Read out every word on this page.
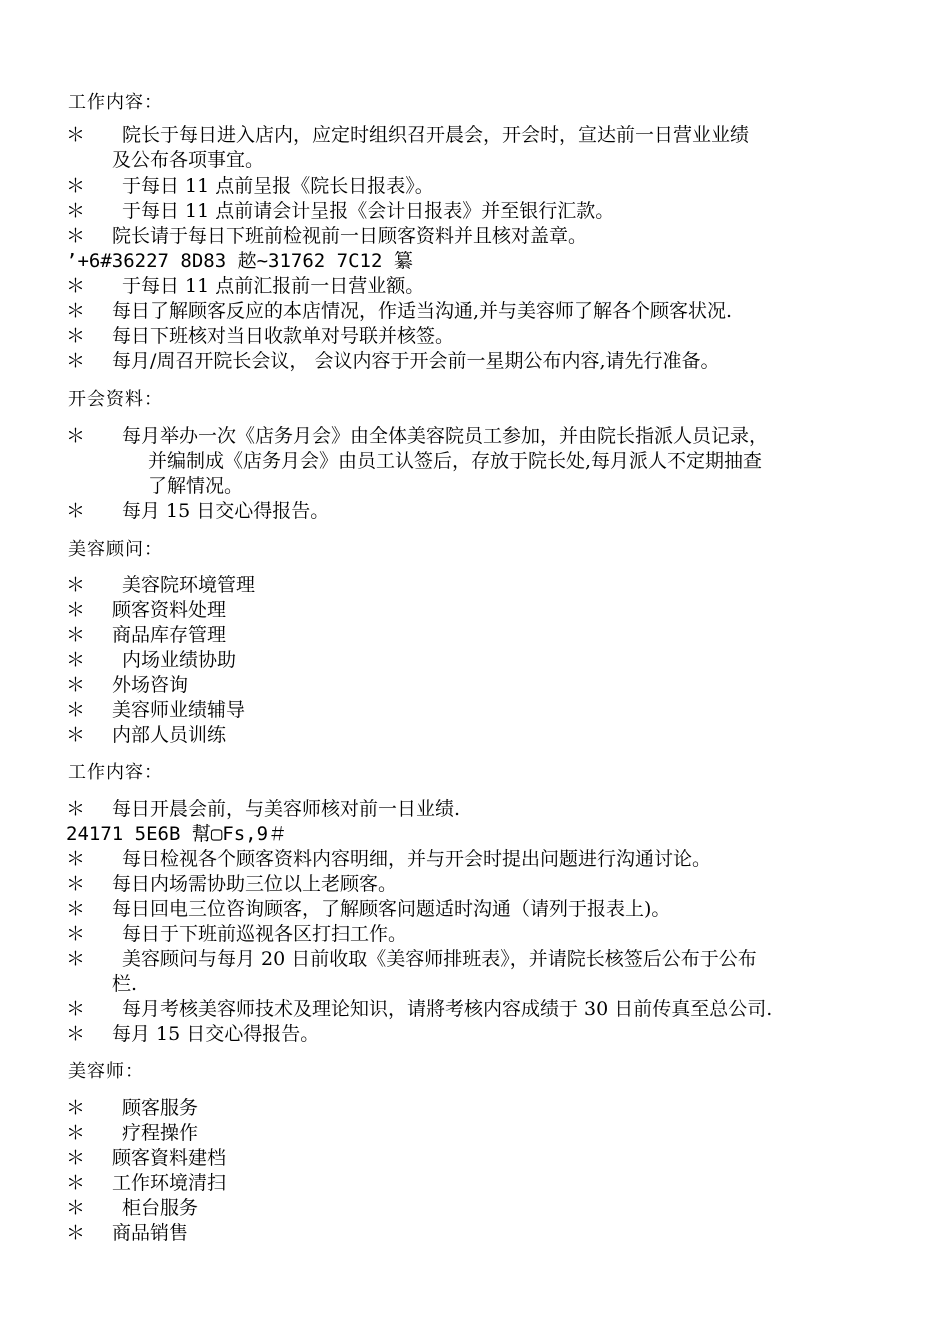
工作内容：
＊ 院长于每日进入店内，应定时组织召开晨会，开会时，宣达前一日营业业绩
及公布各项事宜。
＊ 于每日 11 点前呈报《院长日报表》。
＊ 于每日 11 点前请会计呈报《会计日报表》并至银行汇款。
＊ 院长请于每日下班前检视前一日顾客资料并且核对盖章。
’+6#36227 8D83 趑~31762 7C12 纂
＊ 于每日 11 点前汇报前一日营业额。
＊ 每日了解顾客反应的本店情况，作适当沟通,并与美容师了解各个顾客状况.
＊ 每日下班核对当日收款单对号联并核签。
＊ 每月/周召开院长会议， 会议内容于开会前一星期公布内容,请先行准备。
开会资料：
＊ 每月举办一次《店务月会》由全体美容院员工参加，并由院长指派人员记录，
并编制成《店务月会》由员工认签后，存放于院长处,每月派人不定期抽查
了解情况。
＊ 每月 15 日交心得报告。
美容顾问：
＊ 美容院环境管理
＊ 顾客资料处理
＊ 商品库存管理
＊ 内场业绩协助
＊ 外场咨询
＊ 美容师业绩辅导
＊ 内部人员训练
工作内容：
＊ 每日开晨会前，与美容师核对前一日业绩.
24171 5E6B 幫▢Fs,9＃
＊ 每日检视各个顾客资料内容明细，并与开会时提出问题进行沟通讨论。
＊ 每日内场需协助三位以上老顾客。
＊ 每日回电三位咨询顾客，了解顾客问题适时沟通（请列于报表上)。
＊ 每日于下班前巡视各区打扫工作。
＊ 美容顾问与每月 20 日前收取《美容师排班表》，并请院长核签后公布于公布
栏.
＊ 每月考核美容师技术及理论知识，请將考核内容成绩于 30 日前传真至总公司.
＊ 每月 15 日交心得报告。
美容师：
＊ 顾客服务
＊ 疗程操作
＊ 顾客資料建档
＊ 工作环境清扫
＊ 柜台服务
＊ 商品销售
